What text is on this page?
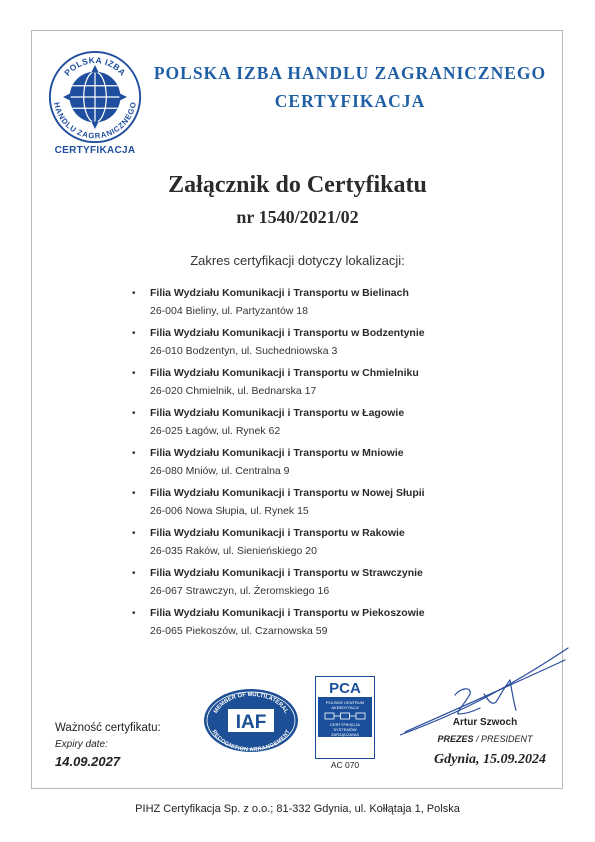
POLSKA IZBA
HANDLU ZAGRANICZNEGO
CERTYFIKACJA
POLSKA IZBA HANDLU ZAGRANICZNEGO
CERTYFIKACJA
Załącznik do Certyfikatu
nr 1540/2021/02
Zakres certyfikacji dotyczy lokalizacji:
• Filia Wydziału Komunikacji i Transportu w Bielinach
26-004 Bieliny, ul. Partyzantów 18
• Filia Wydziału Komunikacji i Transportu w Bodzentynie
26-010 Bodzentyn, ul. Suchedniowska 3
• Filia Wydziału Komunikacji i Transportu w Chmielniku
26-020 Chmielnik, ul. Bednarska 17
• Filia Wydziału Komunikacji i Transportu w Łagowie
26-025 Łagów, ul. Rynek 62
• Filia Wydziału Komunikacji i Transportu w Mniowie
26-080 Mniów, ul. Centralna 9
• Filia Wydziału Komunikacji i Transportu w Nowej Słupii
26-006 Nowa Słupia, ul. Rynek 15
• Filia Wydziału Komunikacji i Transportu w Rakowie
26-035 Raków, ul. Sienieńskiego 20
• Filia Wydziału Komunikacji i Transportu w Strawczynie
26-067 Strawczyn, ul. Żeromskiego 16
• Filia Wydziału Komunikacji i Transportu w Piekoszowie
26-065 Piekoszów, ul. Czarnowska 59
Ważność certyfikatu:
Expiry date:
14.09.2027
MEMBER OF MULTILATERAL
RECOGNITION ARRANGEMENT
IAF
PCA
POLSKIE CENTRUM
AKREDYTACJI
CERTYFIKACJA
SYSTEMÓW
ZARZĄDZANIA
AC 070
Artur Szwoch
PREZES / PRESIDENT
Gdynia, 15.09.2024
PIHZ Certyfikacja Sp. z o.o.; 81-332 Gdynia, ul. Kołłątaja 1, Polska
